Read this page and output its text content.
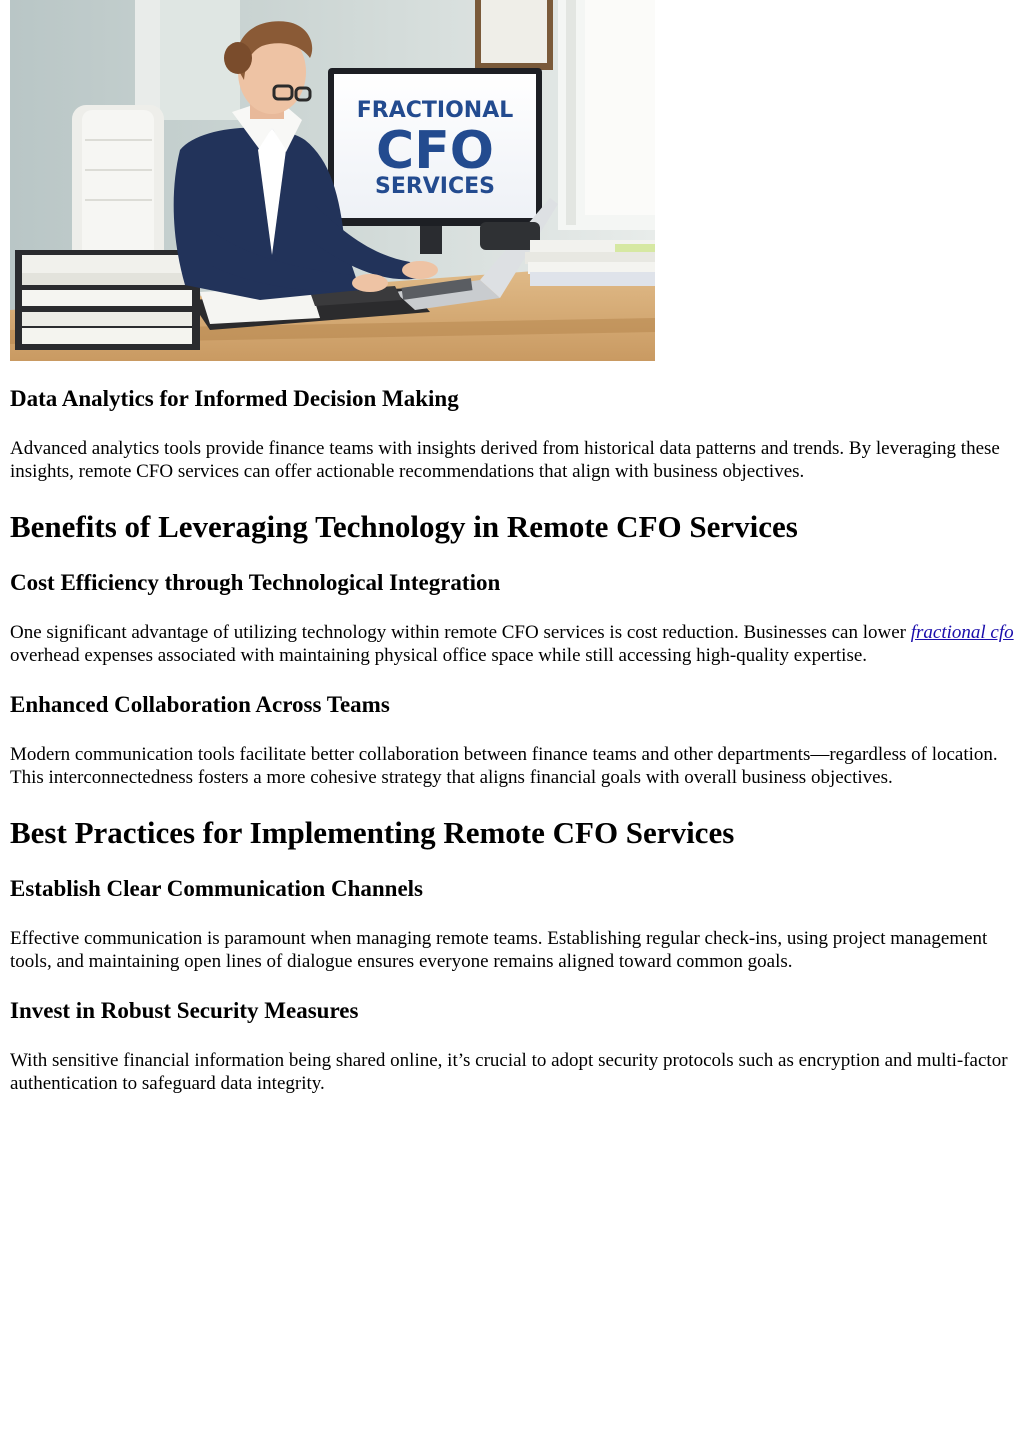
FRACTIONAL
CFO
SERVICES
Data Analytics for Informed Decision Making

Advanced analytics tools provide finance teams with insights derived from historical data patterns and trends. By leveraging these insights, remote CFO services can offer actionable recommendations that align with business objectives.

Benefits of Leveraging Technology in Remote CFO Services
Cost Efficiency through Technological Integration

One significant advantage of utilizing technology within remote CFO services is cost reduction. Businesses can lower fractional cfo overhead expenses associated with maintaining physical office space while still accessing high-quality expertise.

Enhanced Collaboration Across Teams

Modern communication tools facilitate better collaboration between finance teams and other departments—regardless of location. This interconnectedness fosters a more cohesive strategy that aligns financial goals with overall business objectives.

Best Practices for Implementing Remote CFO Services
Establish Clear Communication Channels

Effective communication is paramount when managing remote teams. Establishing regular check-ins, using project management tools, and maintaining open lines of dialogue ensures everyone remains aligned toward common goals.

Invest in Robust Security Measures

With sensitive financial information being shared online, it’s crucial to adopt security protocols such as encryption and multi-factor authentication to safeguard data integrity.
